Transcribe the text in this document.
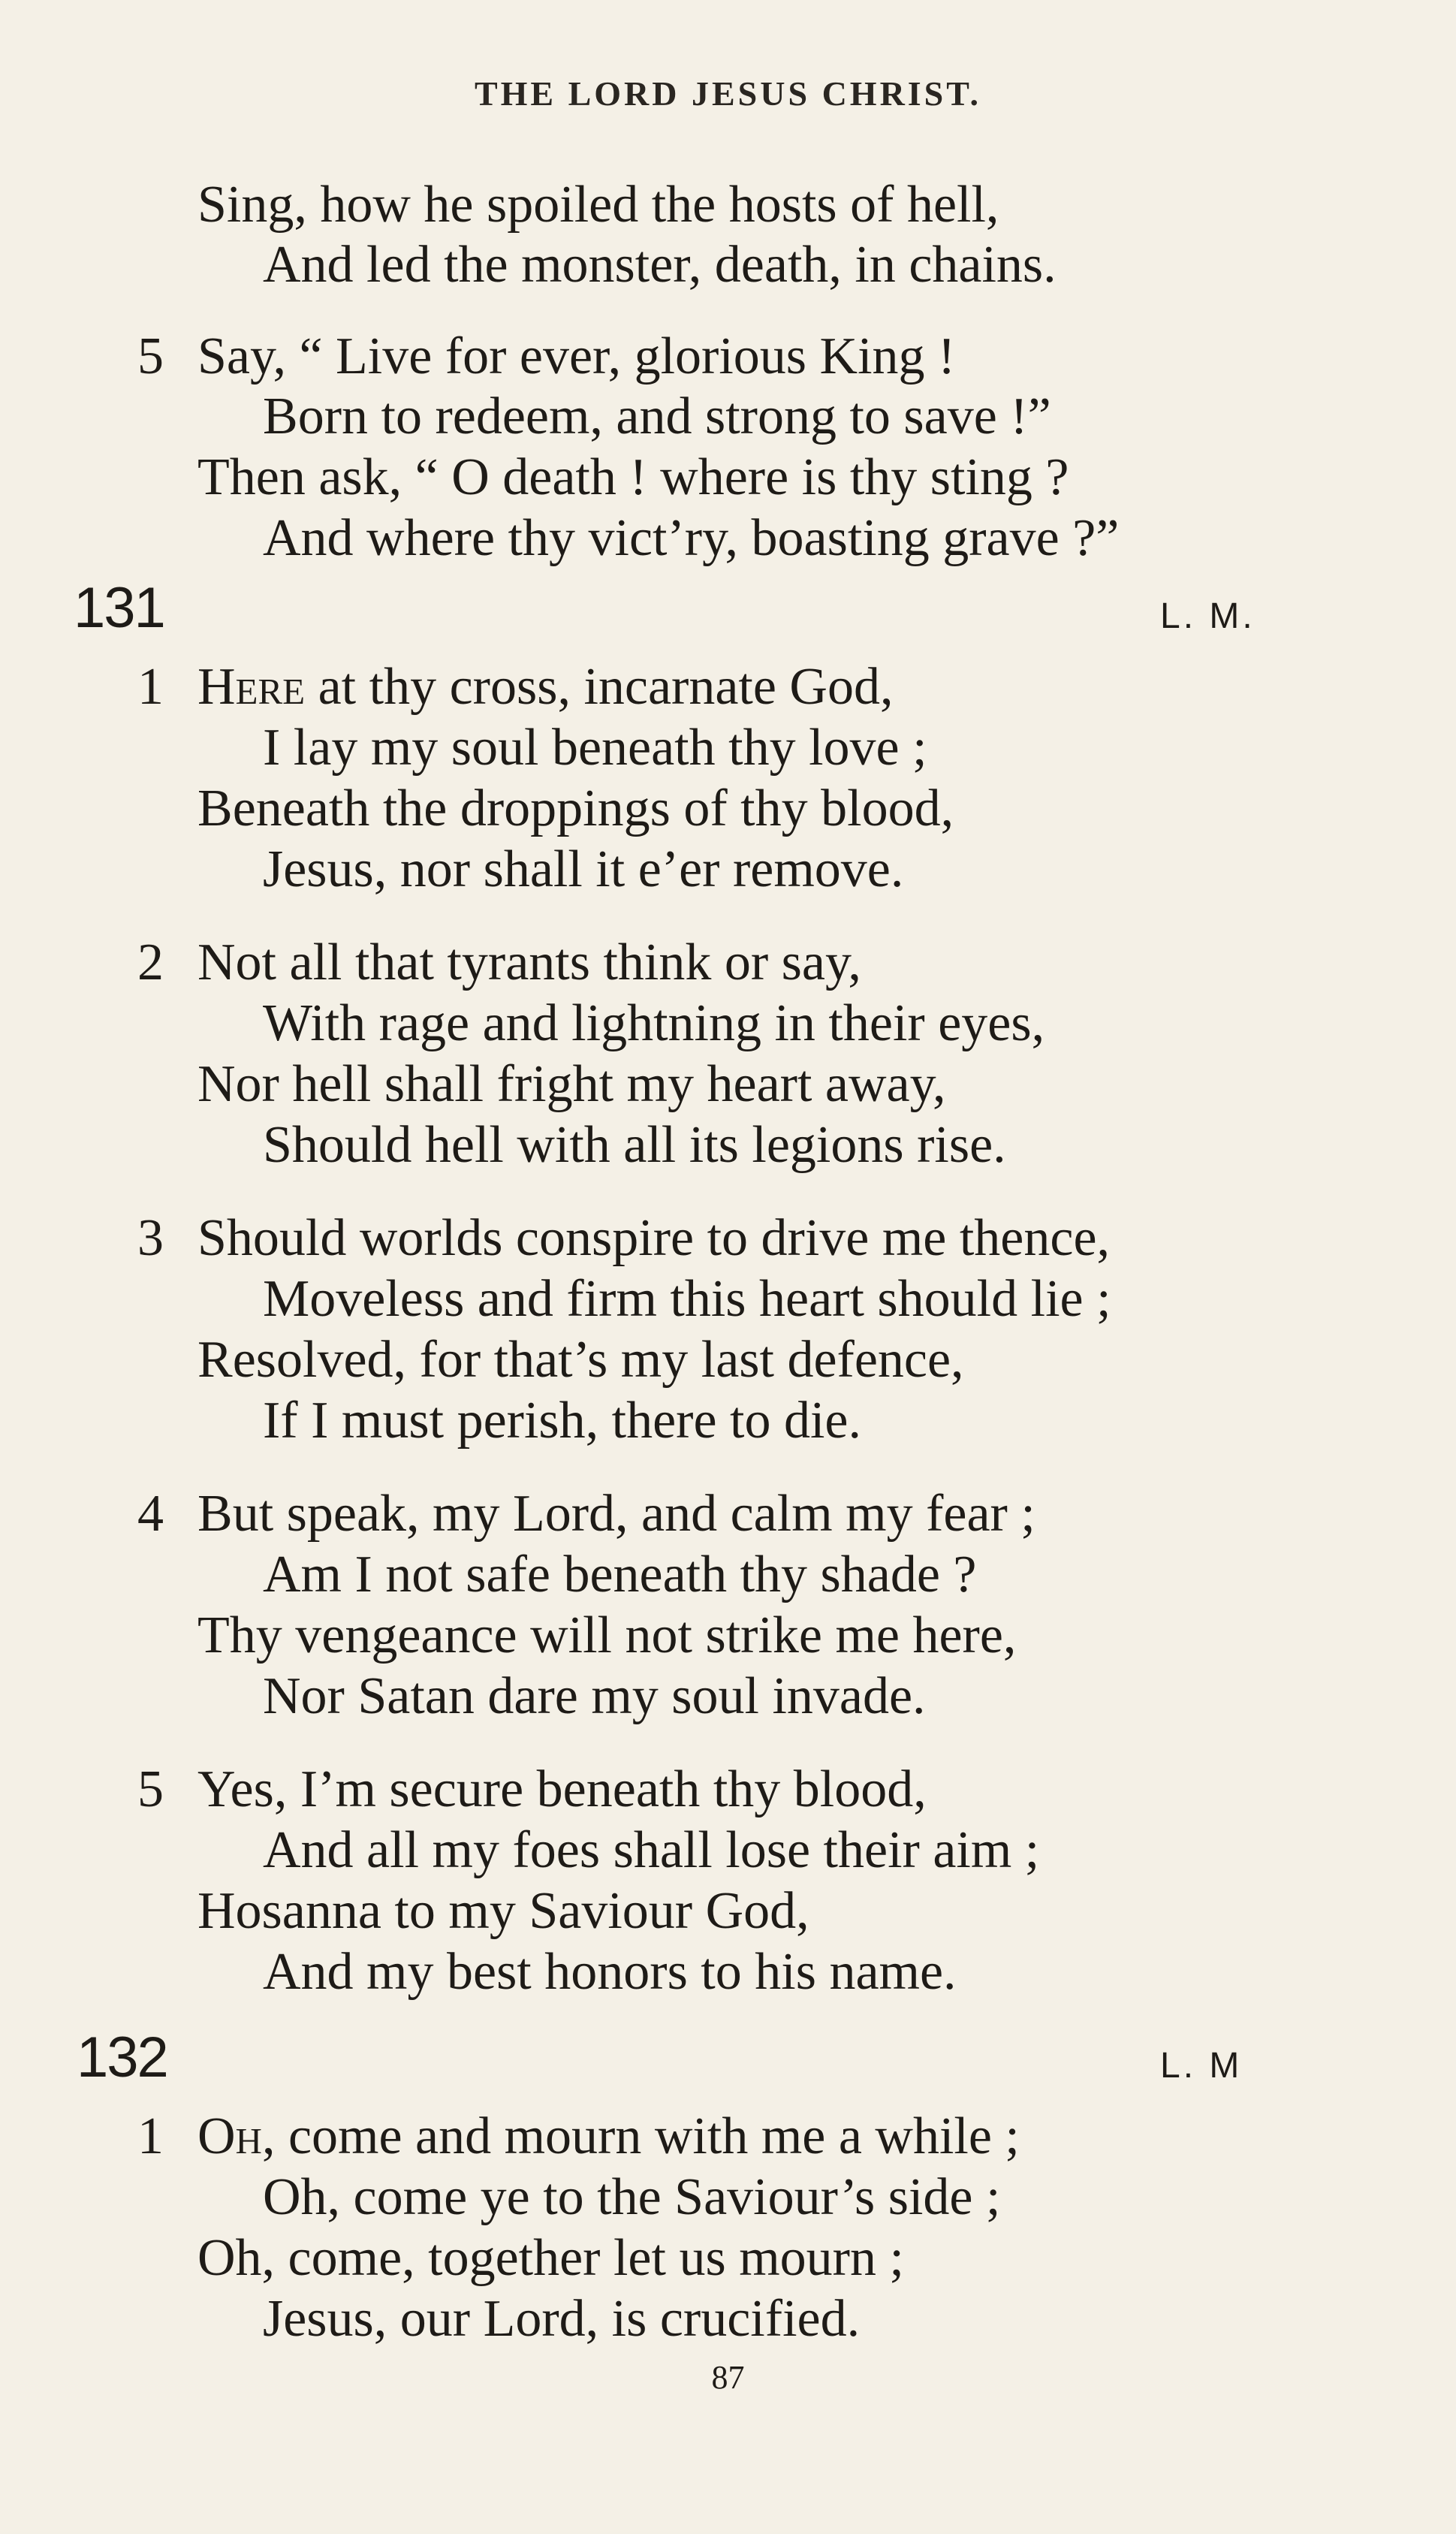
THE LORD JESUS CHRIST.
Sing, how he spoiled the hosts of hell,
And led the monster, death, in chains.
5 Say, “ Live for ever, glorious King !
Born to redeem, and strong to save !”
Then ask, “ O death ! where is thy sting ?
And where thy vict’ry, boasting grave ?”
131	L. M.
1 Here at thy cross, incarnate God,
I lay my soul beneath thy love ;
Beneath the droppings of thy blood,
Jesus, nor shall it e’er remove.
2 Not all that tyrants think or say,
With rage and lightning in their eyes,
Nor hell shall fright my heart away,
Should hell with all its legions rise.
3 Should worlds conspire to drive me thence,
Moveless and firm this heart should lie ;
Resolved, for that’s my last defence,
If I must perish, there to die.
4 But speak, my Lord, and calm my fear ;
Am I not safe beneath thy shade ?
Thy vengeance will not strike me here,
Nor Satan dare my soul invade.
5 Yes, I’m secure beneath thy blood,
And all my foes shall lose their aim ;
Hosanna to my Saviour God,
And my best honors to his name.
132	L. M
1 Oh, come and mourn with me a while ;
Oh, come ye to the Saviour’s side ;
Oh, come, together let us mourn ;
Jesus, our Lord, is crucified.
87
